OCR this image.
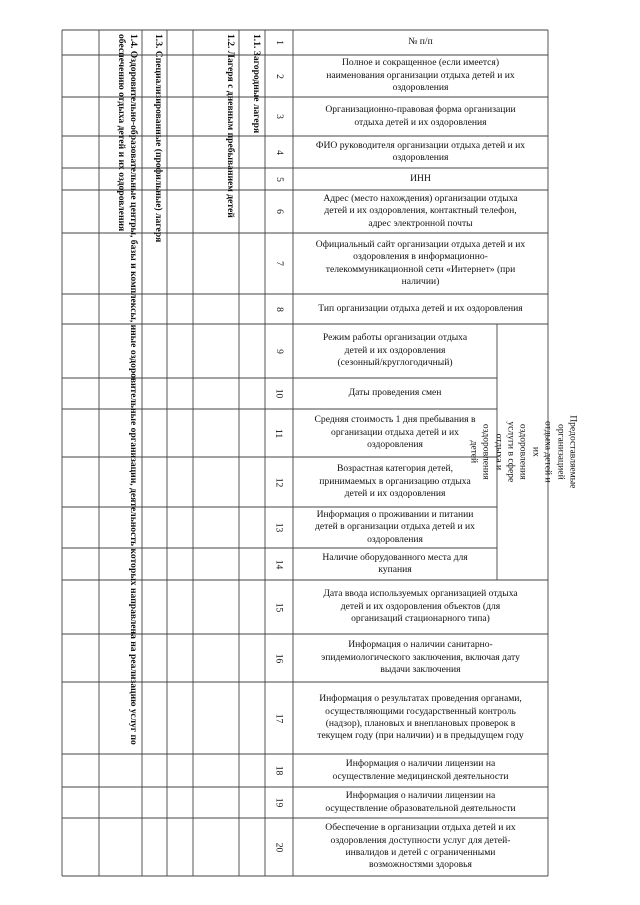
1
2
3
4
5
6
7
8
9
10
11
12
13
14
15
16
17
18
19
20
№ п/п
Полное и сокращенное (если имеется)
наименования организации отдыха детей и их
оздоровления
Организационно-правовая форма организации
отдыха детей и их оздоровления
ФИО руководителя организации отдыха детей и их
оздоровления
ИНН
Адрес (место нахождения) организации отдыха
детей и их оздоровления, контактный телефон,
адрес электронной почты
Официальный сайт организации отдыха детей и их
оздоровления в информационно-
телекоммуникационной сети «Интернет» (при
наличии)
Тип организации отдыха детей и их оздоровления
Режим работы организации отдыха
детей и их оздоровления
(сезонный/круглогодичный)
Даты проведения смен
Средняя стоимость 1 дня пребывания в
организации отдыха детей и их
оздоровления
Возрастная категория детей,
принимаемых в организацию отдыха
детей и их оздоровления
Информация о проживании и питании
детей в организации отдыха детей и их
оздоровления
Наличие оборудованного места для
купания
Дата ввода используемых организацией отдыха
детей и их оздоровления объектов (для
организаций стационарного типа)
Информация о наличии санитарно-
эпидемиологического заключения, включая дату
выдачи заключения
Информация о результатах проведения органами,
осуществляющими государственный контроль
(надзор), плановых и внеплановых проверок в
текущем году (при наличии) и в предыдущем году
Информация о наличии лицензии на
осуществление медицинской деятельности
Информация о наличии лицензии на
осуществление образовательной деятельности
Обеспечение в организации отдыха детей и их
оздоровления доступности услуг для детей-
инвалидов и детей с ограниченными
возможностями здоровья
Предоставляемые организацией отдыха детей и их
оздоровления услуги в сфере отдыха и оздоровления
детей
1.1. Загородные лагеря
1.2. Лагеря с дневным пребыванием детей
1.3. Специализированные (профильные) лагеря
1.4. Оздоровительно-образовательные центры, базы и комплексы, иные оздоровительные организации, деятельность которых направлена на реализацию услуг по
обеспечению отдыха детей и их оздоровления
